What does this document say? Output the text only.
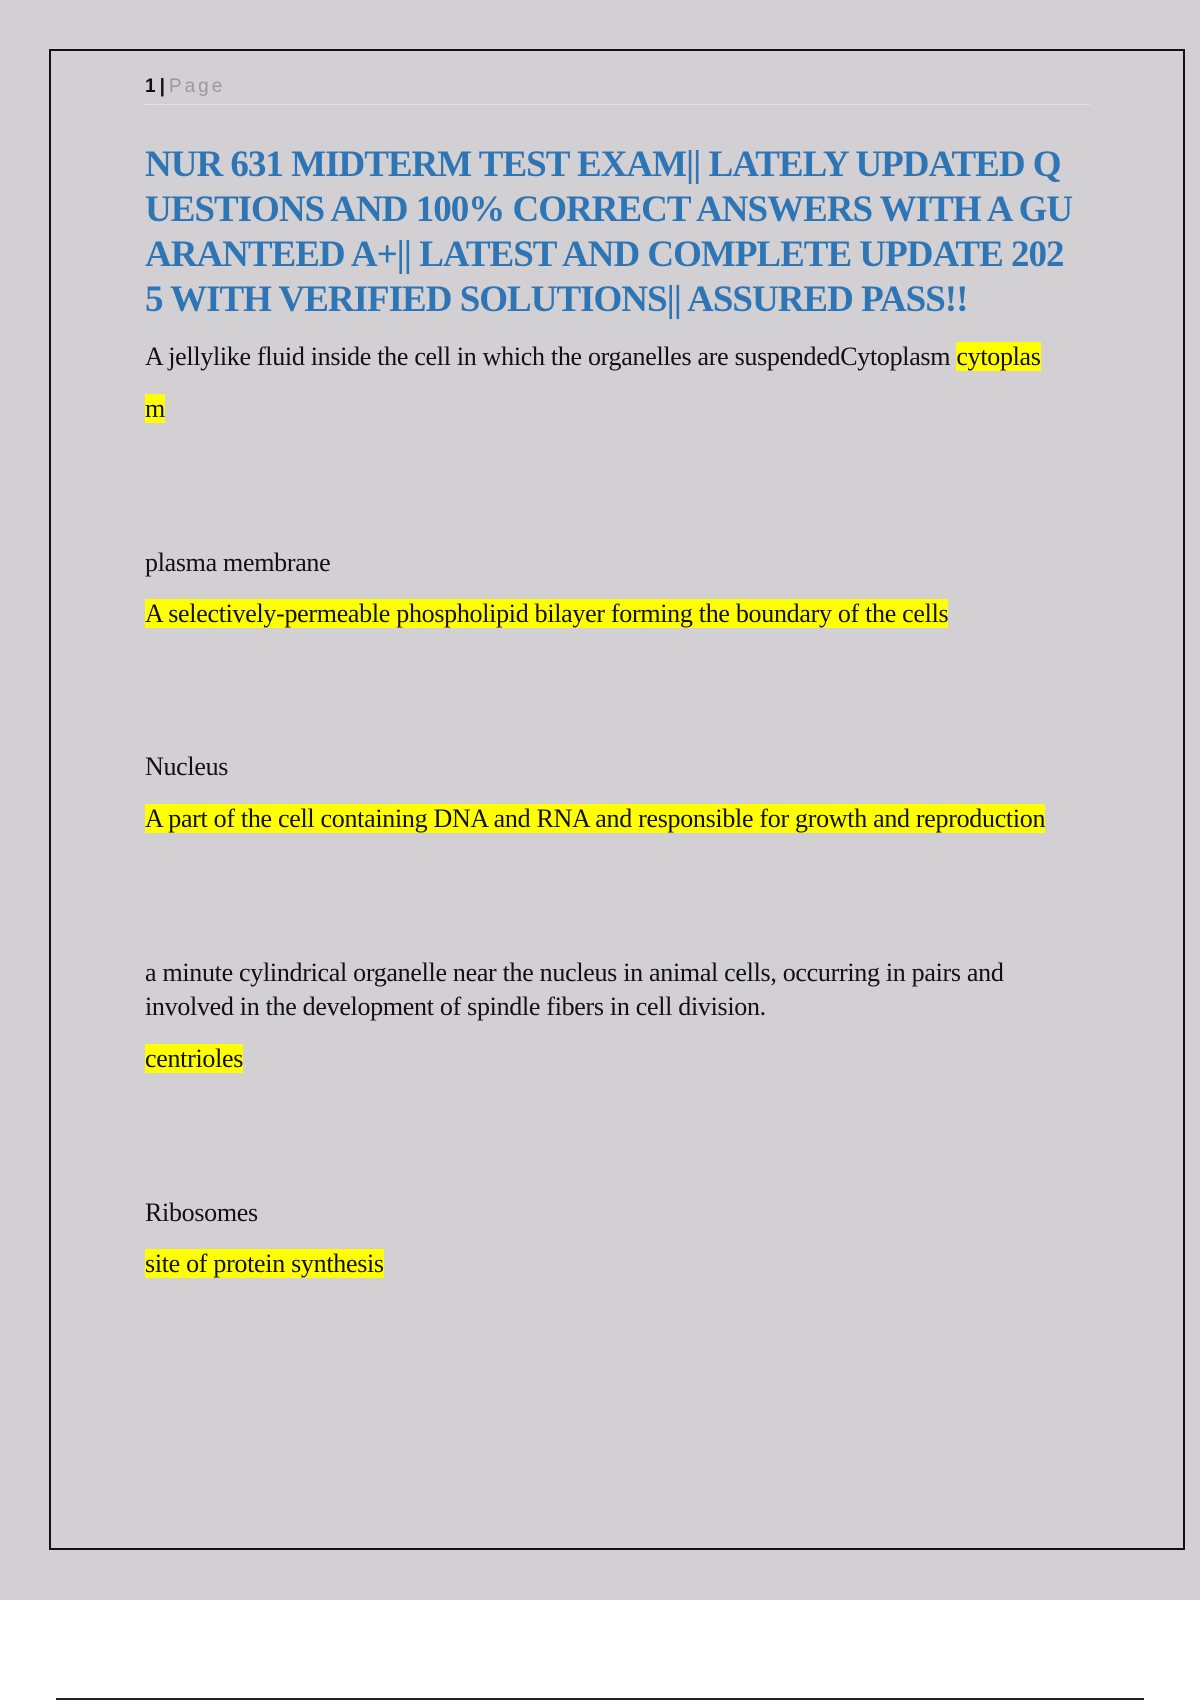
1 | Page
NUR 631 MIDTERM TEST EXAM|| LATELY UPDATED Q
UESTIONS AND 100% CORRECT ANSWERS WITH A GU
ARANTEED A+|| LATEST AND COMPLETE UPDATE 202
5 WITH VERIFIED SOLUTIONS|| ASSURED PASS!!

A jellylike fluid inside the cell in which the organelles are suspendedCytoplasm cytoplas

m

plasma membrane

A selectively-permeable phospholipid bilayer forming the boundary of the cells

Nucleus

A part of the cell containing DNA and RNA and responsible for growth and reproduction

a minute cylindrical organelle near the nucleus in animal cells, occurring in pairs and
involved in the development of spindle fibers in cell division.

centrioles

Ribosomes

site of protein synthesis
